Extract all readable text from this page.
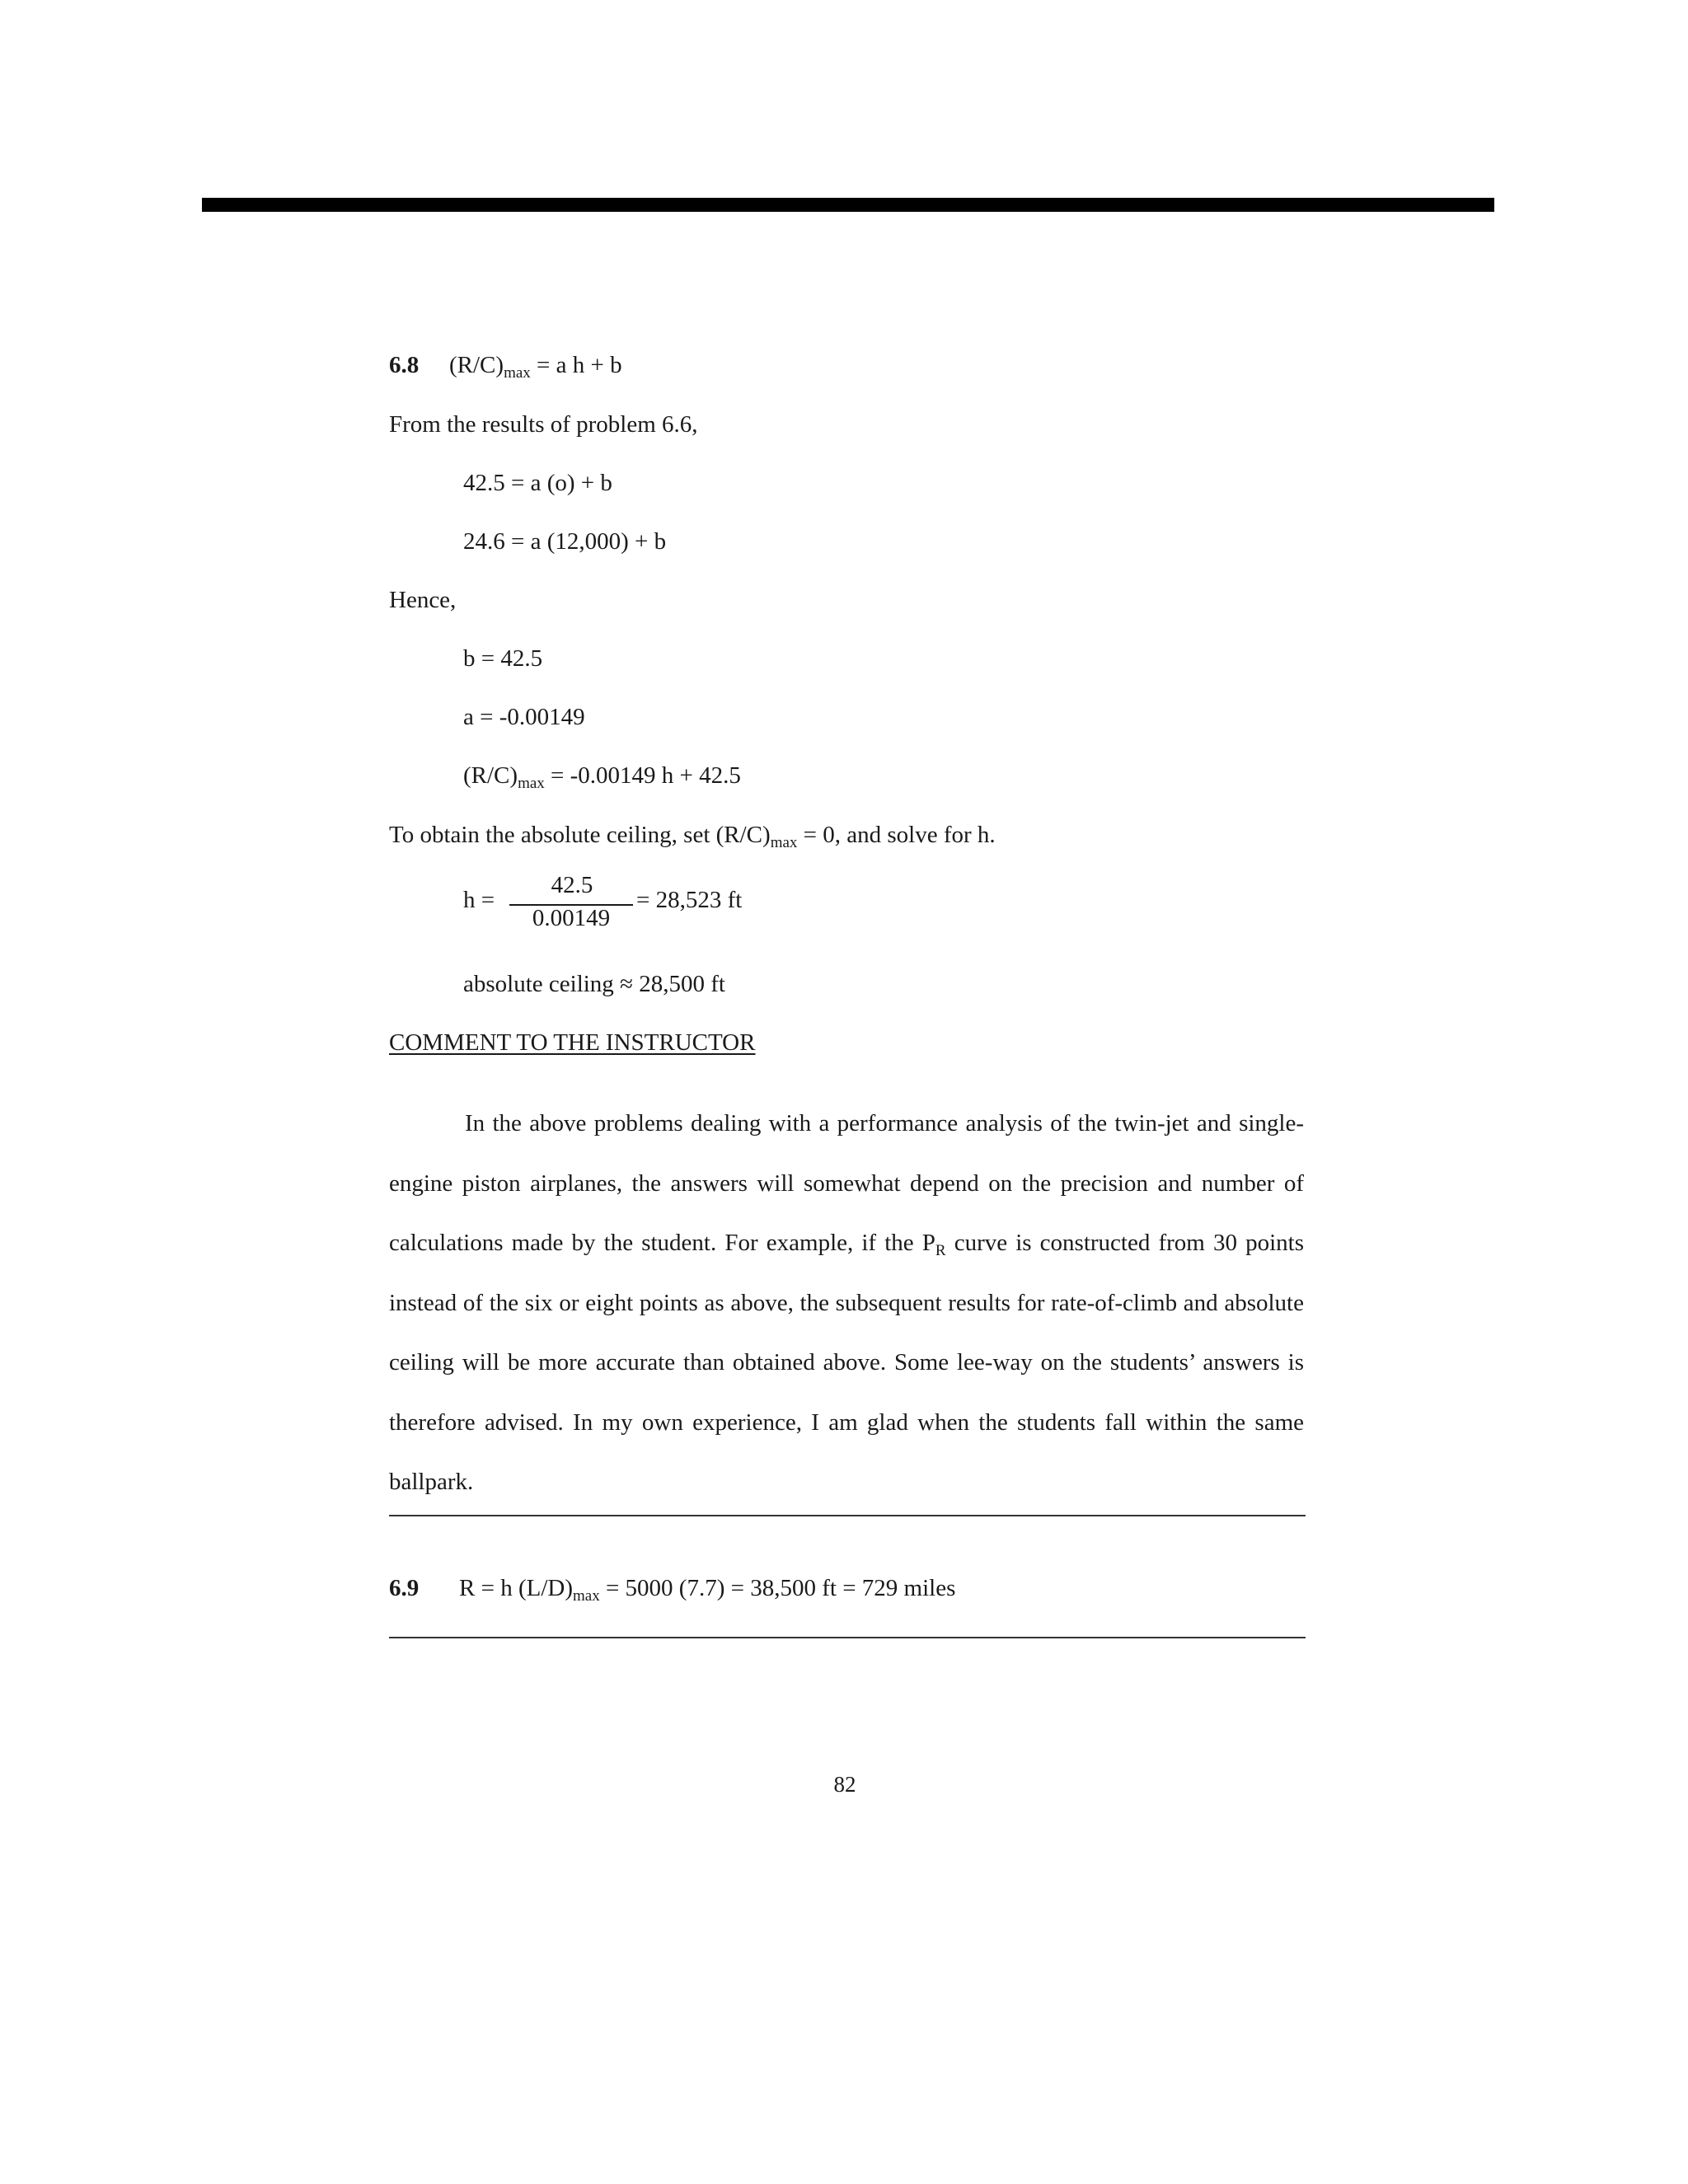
6.8 $(R/C)_{max} = a$ h + b
From the results of problem 6.6,
42.5 = a (o) + b
24.6 = a (12,000) + b
Hence,
b = 42.5
a = -0.00149
$(R/C)_{max} = -0.00149$ h + 42.5
To obtain the absolute ceiling, set $(R/C)_{max} = 0$, and solve for h.
h =
42.5
0.00149
= 28,523 ft
absolute ceiling ≈ 28,500 ft
COMMENT TO THE INSTRUCTOR
In the above problems dealing with a performance analysis of the twin-jet and single-engine piston airplanes, the answers will somewhat depend on the precision and number of calculations made by the student. For example, if the $P_R$ curve is constructed from 30 points instead of the six or eight points as above, the subsequent results for rate-of-climb and absolute ceiling will be more accurate than obtained above. Some lee-way on the students’ answers is therefore advised. In my own experience, I am glad when the students fall within the same ballpark.
6.9 R = h $(L/D)_{max} = 5000$ (7.7) = 38,500 ft = 729 miles
82
